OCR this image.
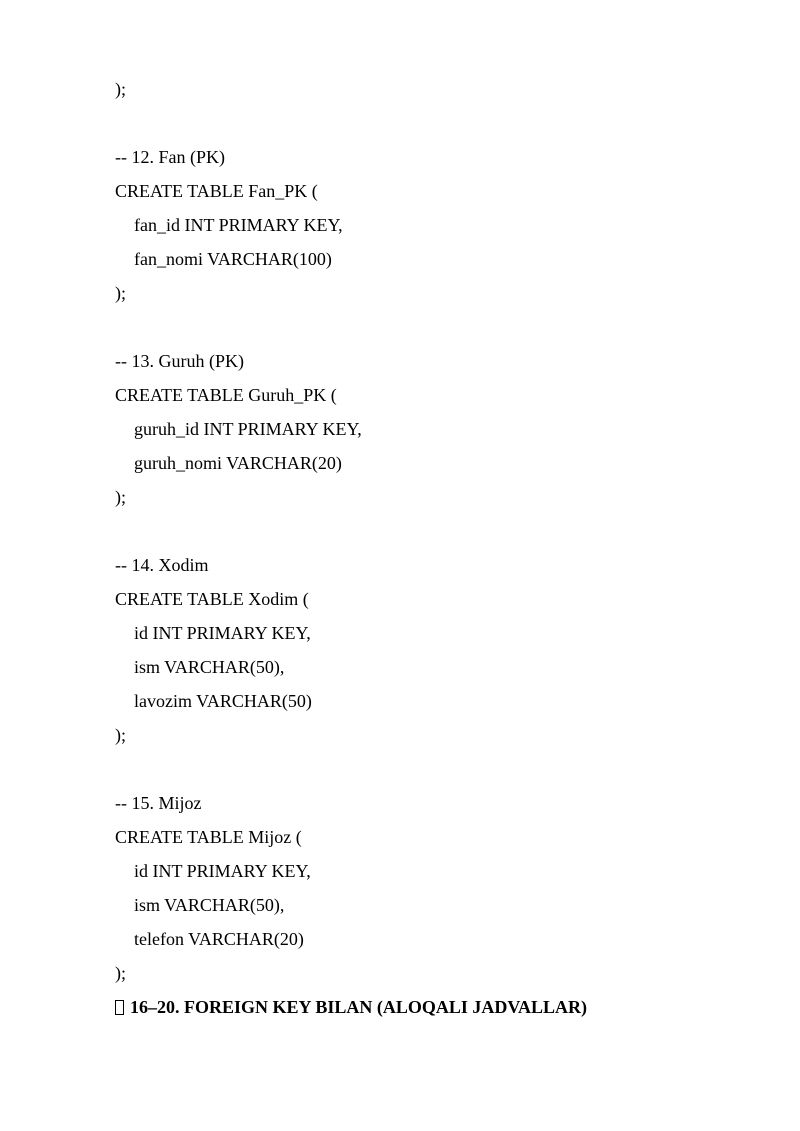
);
-- 12. Fan (PK)
CREATE TABLE Fan_PK (
fan_id INT PRIMARY KEY,
fan_nomi VARCHAR(100)
);
-- 13. Guruh (PK)
CREATE TABLE Guruh_PK (
guruh_id INT PRIMARY KEY,
guruh_nomi VARCHAR(20)
);
-- 14. Xodim
CREATE TABLE Xodim (
id INT PRIMARY KEY,
ism VARCHAR(50),
lavozim VARCHAR(50)
);
-- 15. Mijoz
CREATE TABLE Mijoz (
id INT PRIMARY KEY,
ism VARCHAR(50),
telefon VARCHAR(20)
);
16–20. FOREIGN KEY BILAN (ALOQALI JADVALLAR)
